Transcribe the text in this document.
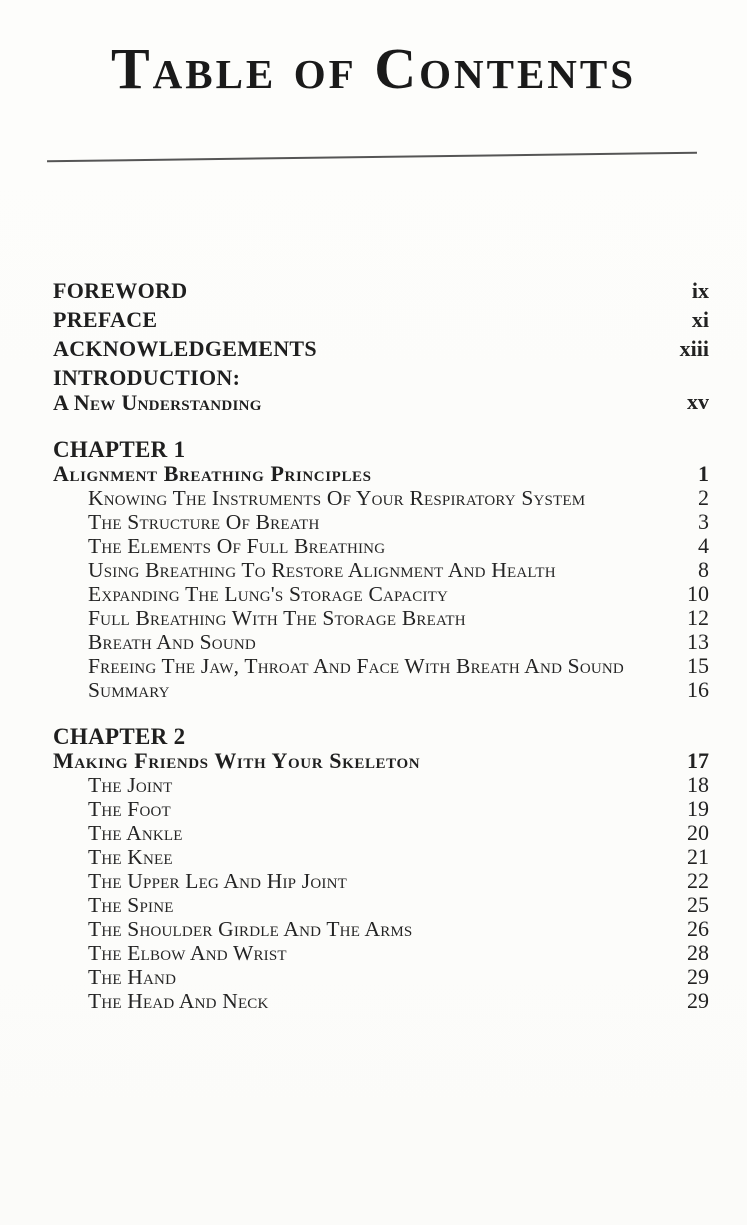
Table of Contents
FOREWORD	ix
PREFACE	xi
ACKNOWLEDGEMENTS	xiii
INTRODUCTION:
A New Understanding	xv
CHAPTER 1
Alignment Breathing Principles	1
Knowing The Instruments Of Your Respiratory System	2
The Structure Of Breath	3
The Elements Of Full Breathing	4
Using Breathing To Restore Alignment And Health	8
Expanding The Lung's Storage Capacity	10
Full Breathing With The Storage Breath	12
Breath And Sound	13
Freeing The Jaw, Throat And Face With Breath And Sound	15
Summary	16
CHAPTER 2
Making Friends With Your Skeleton	17
The Joint	18
The Foot	19
The Ankle	20
The Knee	21
The Upper Leg And Hip Joint	22
The Spine	25
The Shoulder Girdle And The Arms	26
The Elbow And Wrist	28
The Hand	29
The Head And Neck	29
